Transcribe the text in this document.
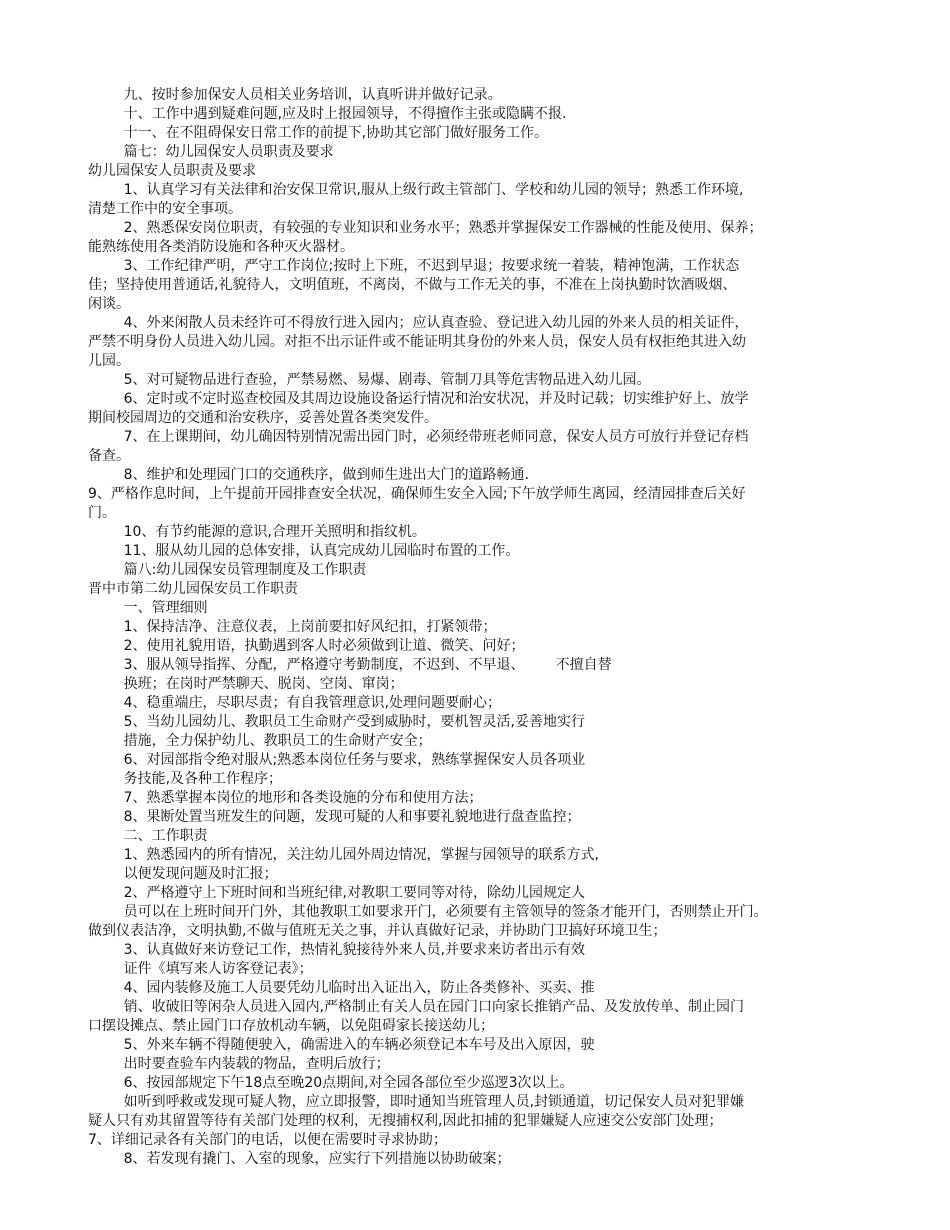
九、按时参加保安人员相关业务培训，认真听讲并做好记录。
十、工作中遇到疑难问题,应及时上报园领导，不得擅作主张或隐瞒不报.
十一、在不阻碍保安日常工作的前提下,协助其它部门做好服务工作。
篇七：幼儿园保安人员职责及要求
幼儿园保安人员职责及要求
1、认真学习有关法律和治安保卫常识,服从上级行政主管部门、学校和幼儿园的领导；熟悉工作环境,
清楚工作中的安全事项。
2、熟悉保安岗位职责，有较强的专业知识和业务水平；熟悉并掌握保安工作器械的性能及使用、保养；
能熟练使用各类消防设施和各种灭火器材。
3、工作纪律严明，严守工作岗位;按时上下班，不迟到早退；按要求统一着装，精神饱满，工作状态
佳；坚持使用普通话,礼貌待人，文明值班，不离岗，不做与工作无关的事，不准在上岗执勤时饮酒吸烟、
闲谈。
4、外来闲散人员未经许可不得放行进入园内；应认真查验、登记进入幼儿园的外来人员的相关证件，
严禁不明身份人员进入幼儿园。对拒不出示证件或不能证明其身份的外来人员，保安人员有权拒绝其进入幼
儿园。
5、对可疑物品进行查验，严禁易燃、易爆、剧毒、管制刀具等危害物品进入幼儿园。
6、定时或不定时巡查校园及其周边设施设备运行情况和治安状况，并及时记载；切实维护好上、放学
期间校园周边的交通和治安秩序，妥善处置各类突发件。
7、在上课期间，幼儿确因特别情况需出园门时，必须经带班老师同意，保安人员方可放行并登记存档
备查。
8、维护和处理园门口的交通秩序，做到师生进出大门的道路畅通.
9、严格作息时间，上午提前开园排查安全状况，确保师生安全入园;下午放学师生离园，经清园排查后关好
门。
10、有节约能源的意识,合理开关照明和指纹机。
11、服从幼儿园的总体安排，认真完成幼儿园临时布置的工作。
篇八:幼儿园保安员管理制度及工作职责
晋中市第二幼儿园保安员工作职责
一、管理细则
1、保持洁净、注意仪表，上岗前要扣好风纪扣，打紧领带；
2、使用礼貌用语，执勤遇到客人时必须做到让道、微笑、问好；
3、服从领导指挥、分配，严格遵守考勤制度，不迟到、不早退、       不擅自替
换班；在岗时严禁聊天、脱岗、空岗、窜岗；
4、稳重端庄，尽职尽责；有自我管理意识,处理问题要耐心；
5、当幼儿园幼儿、教职员工生命财产受到威胁时，要机智灵活,妥善地实行
措施，全力保护幼儿、教职员工的生命财产安全；
6、对园部指令绝对服从;熟悉本岗位任务与要求，熟练掌握保安人员各项业
务技能,及各种工作程序；
7、熟悉掌握本岗位的地形和各类设施的分布和使用方法；
8、果断处置当班发生的问题，发现可疑的人和事要礼貌地进行盘查监控；
二、工作职责
1、熟悉园内的所有情况，关注幼儿园外周边情况，掌握与园领导的联系方式,
以便发现问题及时汇报；
2、严格遵守上下班时间和当班纪律,对教职工要同等对待，除幼儿园规定人
员可以在上班时间开门外，其他教职工如要求开门，必须要有主管领导的签条才能开门，否则禁止开门。
做到仪表洁净，文明执勤,不做与值班无关之事，并认真做好记录，并协助门卫搞好环境卫生；
3、认真做好来访登记工作，热情礼貌接待外来人员,并要求来访者出示有效
证件《填写来人访客登记表》；
4、园内装修及施工人员要凭幼儿临时出入证出入，防止各类修补、买卖、推
销、收破旧等闲杂人员进入园内,严格制止有关人员在园门口向家长推销产品、及发放传单、制止园门
口摆设摊点、禁止园门口存放机动车辆，以免阻碍家长接送幼儿；
5、外来车辆不得随便驶入，确需进入的车辆必须登记本车号及出入原因，驶
出时要查验车内装载的物品，查明后放行；
6、按园部规定下午18点至晚20点期间,对全园各部位至少巡逻3次以上。
如听到呼救或发现可疑人物，应立即报警，即时通知当班管理人员,封锁通道，切记保安人员对犯罪嫌
疑人只有劝其留置等待有关部门处理的权利，无搜捕权利,因此扣捕的犯罪嫌疑人应速交公安部门处理；
7、详细记录各有关部门的电话，以便在需要时寻求协助；
8、若发现有撬门、入室的现象，应实行下列措施以协助破案；
